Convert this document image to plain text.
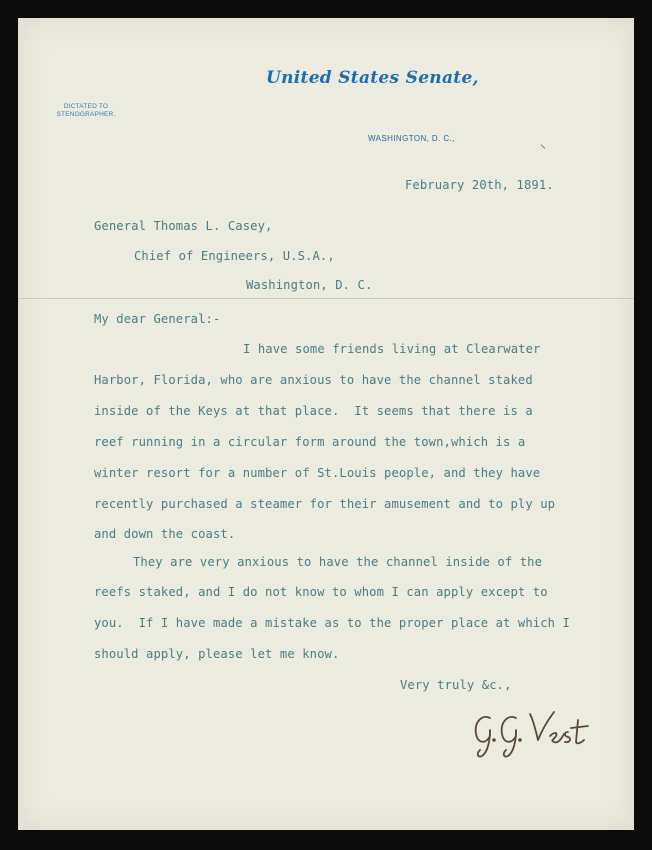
United States Senate,
DICTATED TO
STENOGRAPHER.
WASHINGTON, D. C.,
⸌
February 20th, 1891.
General Thomas L. Casey,
Chief of Engineers, U.S.A.,
Washington, D. C.
My dear General:-
I have some friends living at Clearwater
Harbor, Florida, who are anxious to have the channel staked
inside of the Keys at that place.  It seems that there is a
reef running in a circular form around the town,which is a
winter resort for a number of St.Louis people, and they have
recently purchased a steamer for their amusement and to ply up
and down the coast.
They are very anxious to have the channel inside of the
reefs staked, and I do not know to whom I can apply except to
you.  If I have made a mistake as to the proper place at which I
should apply, please let me know.
Very truly &c.,
